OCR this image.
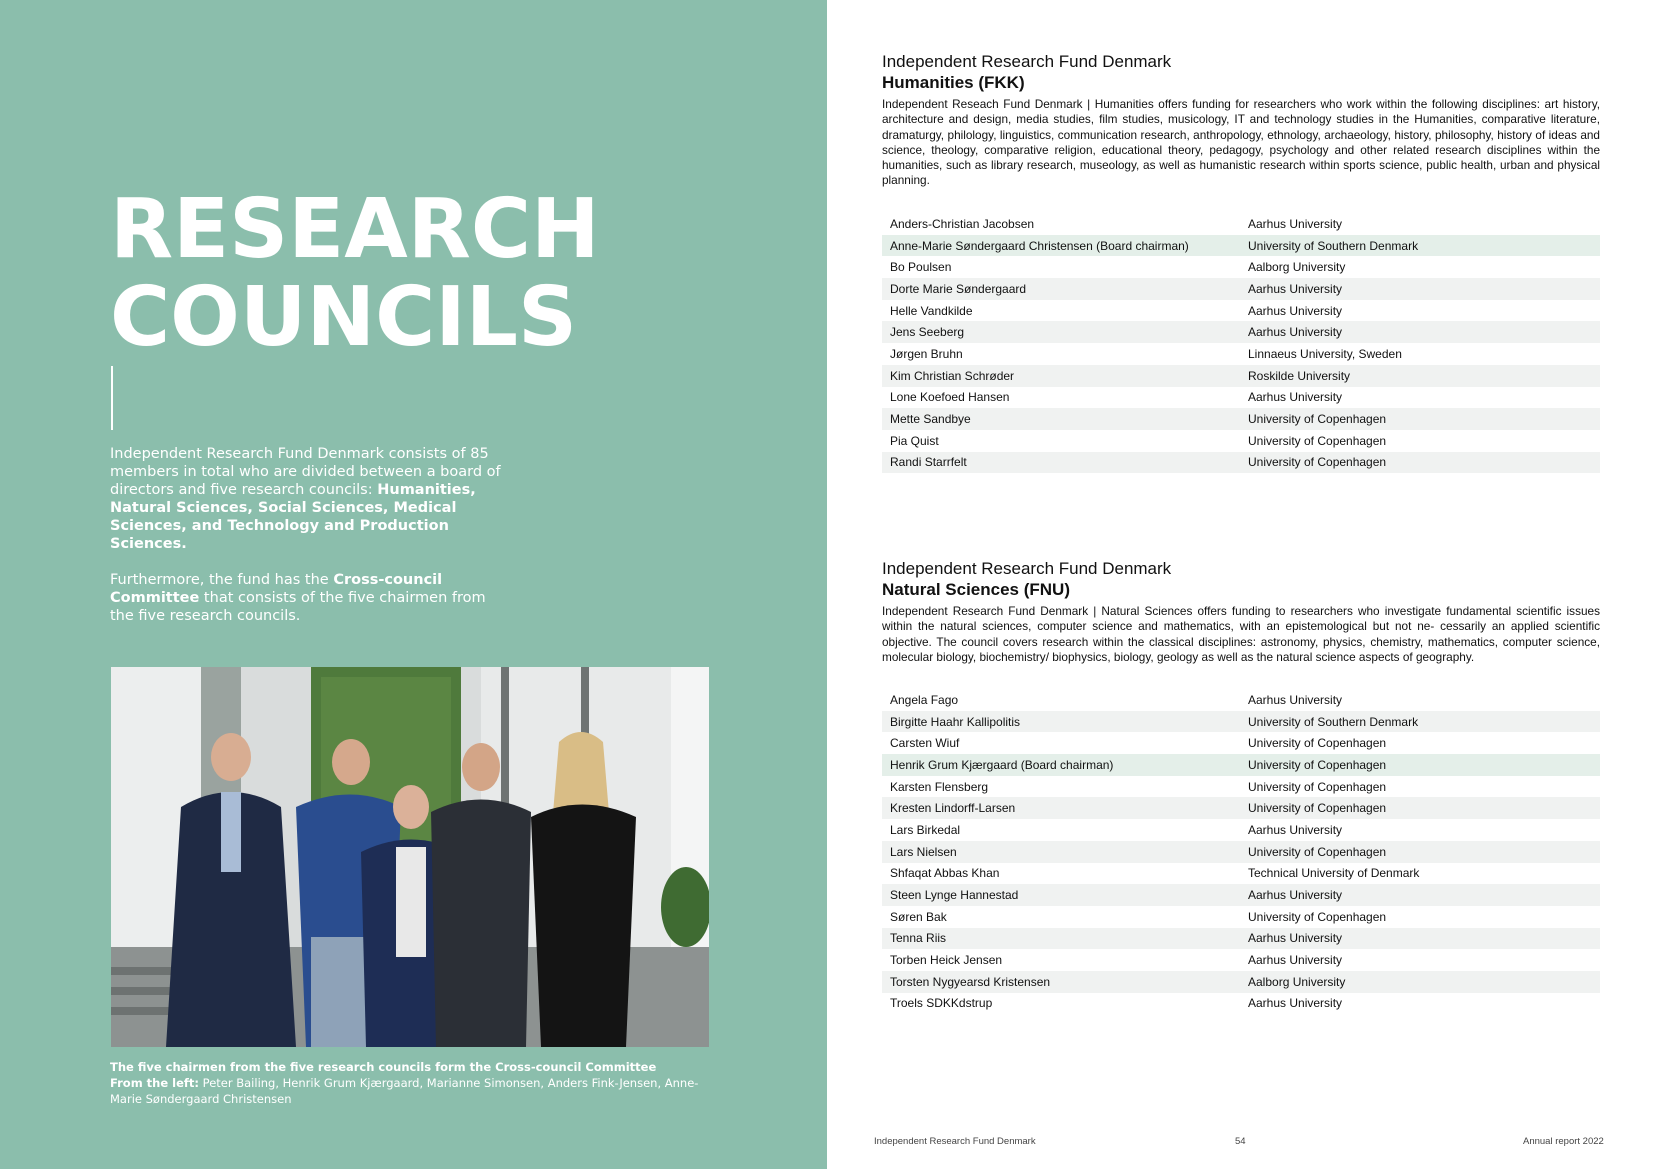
RESEARCH
COUNCILS

Independent Research Fund Denmark consists of 85 members in total who are divided between a board of directors and five research councils: Humanities, Natural Sciences, Social Sciences, Medical Sciences, and Technology and Production Sciences.

Furthermore, the fund has the Cross-council Committee that consists of the five chairmen from the five research councils.

The five chairmen from the five research councils form the Cross-council Committee
From the left: Peter Bailing, Henrik Grum Kjærgaard, Marianne Simonsen, Anders Fink-Jensen, Anne-Marie Søndergaard Christensen
Independent Research Fund Denmark
Humanities (FKK)
Independent Reseach Fund Denmark | Humanities offers funding for researchers who work within the following disciplines: art history, architecture and design, media studies, film studies, musicology, IT and technology studies in the Humanities, comparative literature, dramaturgy, philology, linguistics, communication research, anthropology, ethnology, archaeology, history, philosophy, history of ideas and science, theology, comparative religion, educational theory, pedagogy, psychology and other related research disciplines within the humanities, such as library research, museology, as well as humanistic research within sports science, public health, urban and physical planning.
Anders-Christian Jacobsen	Aarhus University
Anne-Marie Søndergaard Christensen (Board chairman)	University of Southern Denmark
Bo Poulsen	Aalborg University
Dorte Marie Søndergaard	Aarhus University
Helle Vandkilde	Aarhus University
Jens Seeberg	Aarhus University
Jørgen Bruhn	Linnaeus University, Sweden
Kim Christian Schrøder	Roskilde University
Lone Koefoed Hansen	Aarhus University
Mette Sandbye	University of Copenhagen
Pia Quist	University of Copenhagen
Randi Starrfelt	University of Copenhagen
Independent Research Fund Denmark
Natural Sciences (FNU)
Independent Research Fund Denmark | Natural Sciences offers funding to researchers who investigate fundamental scientific issues within the natural sciences, computer science and mathematics, with an epistemological but not ne- cessarily an applied scientific objective. The council covers research within the classical disciplines: astronomy, physics, chemistry, mathematics, computer science, molecular biology, biochemistry/ biophysics, biology, geology as well as the natural science aspects of geography.
Angela Fago	Aarhus University
Birgitte Haahr Kallipolitis	University of Southern Denmark
Carsten Wiuf	University of Copenhagen
Henrik Grum Kjærgaard (Board chairman)	University of Copenhagen
Karsten Flensberg	University of Copenhagen
Kresten Lindorff-Larsen	University of Copenhagen
Lars Birkedal	Aarhus University
Lars Nielsen	University of Copenhagen
Shfaqat Abbas Khan	Technical University of Denmark
Steen Lynge Hannestad	Aarhus University
Søren Bak	University of Copenhagen
Tenna Riis	Aarhus University
Torben Heick Jensen	Aarhus University
Torsten Nygyearsd Kristensen	Aalborg University
Troels SDKKdstrup	Aarhus University
Independent Research Fund Denmark	54	Annual report 2022
